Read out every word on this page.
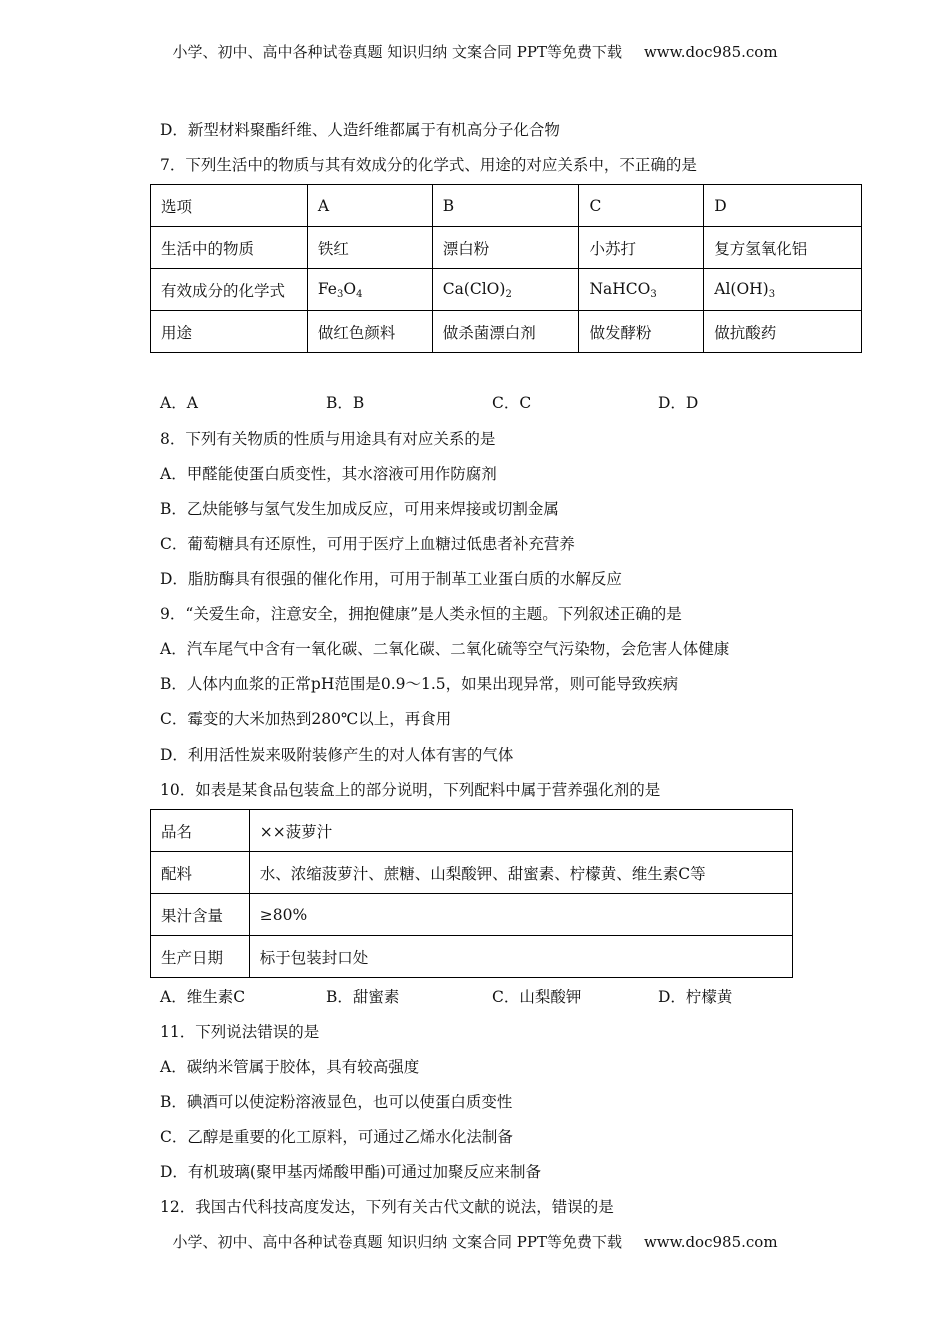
小学、初中、高中各种试卷真题 知识归纳 文案合同 PPT等免费下载 www.doc985.com
D．新型材料聚酯纤维、人造纤维都属于有机高分子化合物
7．下列生活中的物质与其有效成分的化学式、用途的对应关系中，不正确的是
选项	A	B	C	D
生活中的物质	铁红	漂白粉	小苏打	复方氢氧化铝
有效成分的化学式	$Fe_3O_4$	$Ca(ClO)_2$	NaHCO$_3$	$Al(OH)_3$
用途	做红色颜料	做杀菌漂白剂	做发酵粉	做抗酸药
A．A	B．B	C．C	D．D
8．下列有关物质的性质与用途具有对应关系的是
A．甲醛能使蛋白质变性，其水溶液可用作防腐剂
B．乙炔能够与氢气发生加成反应，可用来焊接或切割金属
C．葡萄糖具有还原性，可用于医疗上血糖过低患者补充营养
D．脂肪酶具有很强的催化作用，可用于制革工业蛋白质的水解反应
9．“关爱生命，注意安全，拥抱健康”是人类永恒的主题。下列叙述正确的是
A．汽车尾气中含有一氧化碳、二氧化碳、二氧化硫等空气污染物，会危害人体健康
B．人体内血浆的正常pH范围是0.9～1.5，如果出现异常，则可能导致疾病
C．霉变的大米加热到280℃以上，再食用
D．利用活性炭来吸附装修产生的对人体有害的气体
10．如表是某食品包装盒上的部分说明，下列配料中属于营养强化剂的是
品名	××菠萝汁
配料	水、浓缩菠萝汁、蔗糖、山梨酸钾、甜蜜素、柠檬黄、维生素C等
果汁含量	≥80%
生产日期	标于包装封口处
A．维生素C	B．甜蜜素	C．山梨酸钾	D．柠檬黄
11．下列说法错误的是
A．碳纳米管属于胶体，具有较高强度
B．碘酒可以使淀粉溶液显色，也可以使蛋白质变性
C．乙醇是重要的化工原料，可通过乙烯水化法制备
D．有机玻璃(聚甲基丙烯酸甲酯)可通过加聚反应来制备
12．我国古代科技高度发达，下列有关古代文献的说法，错误的是
小学、初中、高中各种试卷真题 知识归纳 文案合同 PPT等免费下载 www.doc985.com
